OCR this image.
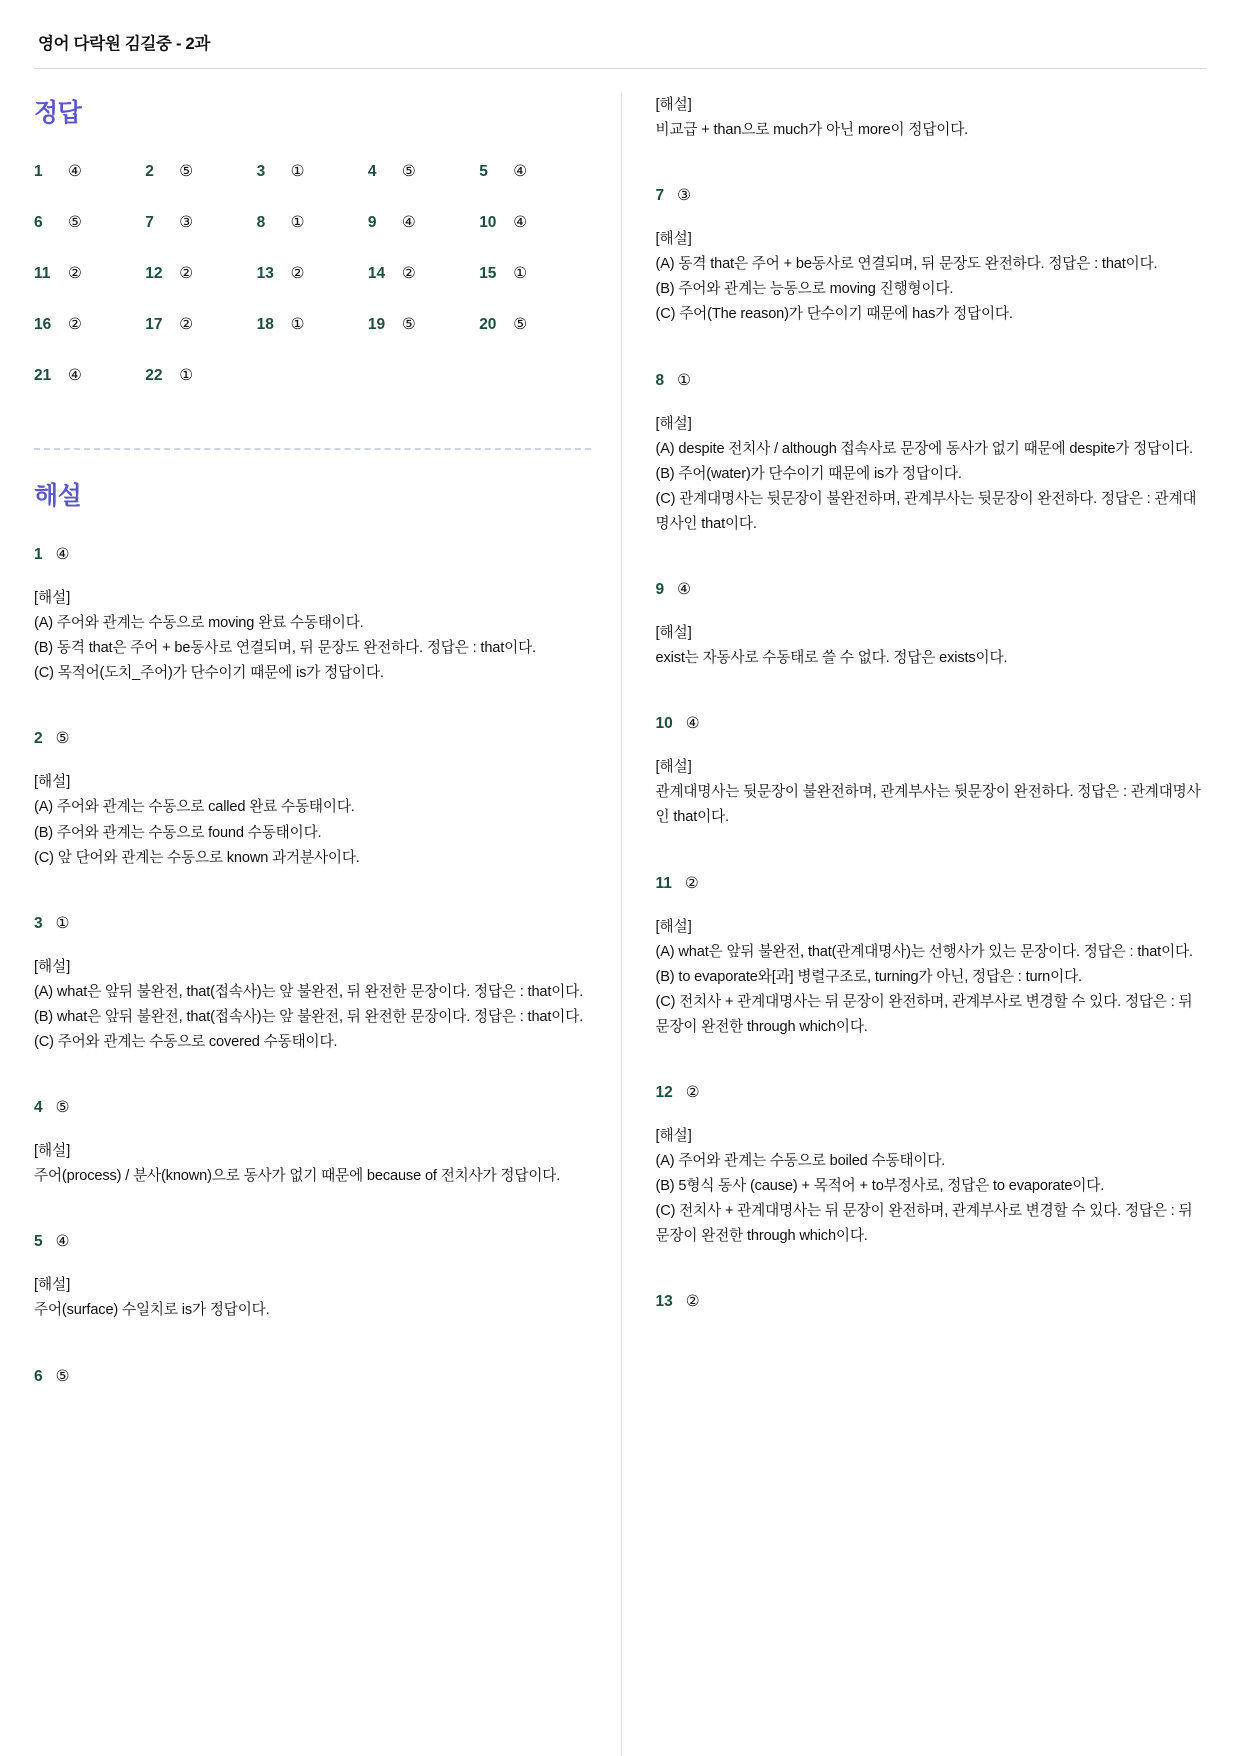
영어 다락원 김길중 - 2과
정답
1	④	2	⑤	3	①	4	⑤	5	④
6	⑤	7	③	8	①	9	④	10 ④
11 ②	12 ②	13 ②	14 ②	15 ①
16 ②	17 ②	18 ①	19 ⑤	20 ⑤
21 ④	22 ①
해설
1 ④
[해설]

(A) 주어와 관계는 수동으로 moving 완료 수동태이다.

(B) 동격 that은 주어 + be동사로 연결되며, 뒤 문장도 완전하다. 정답은 : that이다.

(C) 목적어(도치_주어)가 단수이기 때문에 is가 정답이다.

2 ⑤
[해설]

(A) 주어와 관계는 수동으로 called 완료 수동태이다.

(B) 주어와 관계는 수동으로 found 수동태이다.

(C) 앞 단어와 관계는 수동으로 known 과거분사이다.

3 ①
[해설]

(A) what은 앞뒤 불완전, that(접속사)는 앞 불완전, 뒤 완전한 문장이다. 정답은 : that이다.

(B) what은 앞뒤 불완전, that(접속사)는 앞 불완전, 뒤 완전한 문장이다. 정답은 : that이다.

(C) 주어와 관계는 수동으로 covered 수동태이다.

4 ⑤
[해설]

주어(process) / 분사(known)으로 동사가 없기 때문에 because of 전치사가 정답이다.

5 ④
[해설]

주어(surface) 수일치로 is가 정답이다.

6 ⑤
[해설]

비교급 + than으로 much가 아닌 more이 정답이다.

7 ③
[해설]

(A) 동격 that은 주어 + be동사로 연결되며, 뒤 문장도 완전하다. 정답은 : that이다.

(B) 주어와 관계는 능동으로 moving 진행형이다.

(C) 주어(The reason)가 단수이기 때문에 has가 정답이다.

8 ①
[해설]

(A) despite 전치사 / although 접속사로 문장에 동사가 없기 때문에 despite가 정답이다.

(B) 주어(water)가 단수이기 때문에 is가 정답이다.

(C) 관계대명사는 뒷문장이 불완전하며, 관계부사는 뒷문장이 완전하다. 정답은 : 관계대명사인 that이다.

9 ④
[해설]

exist는 자동사로 수동태로 쓸 수 없다. 정답은 exists이다.

10 ④
[해설]

관계대명사는 뒷문장이 불완전하며, 관계부사는 뒷문장이 완전하다. 정답은 : 관계대명사인 that이다.

11 ②
[해설]

(A) what은 앞뒤 불완전, that(관계대명사)는 선행사가 있는 문장이다. 정답은 : that이다.

(B) to evaporate와[과] 병렬구조로, turning가 아닌, 정답은 : turn이다.

(C) 전치사 + 관계대명사는 뒤 문장이 완전하며, 관계부사로 변경할 수 있다. 정답은 : 뒤 문장이 완전한 through which이다.

12 ②
[해설]

(A) 주어와 관계는 수동으로 boiled 수동태이다.

(B) 5형식 동사 (cause) + 목적어 + to부정사로, 정답은 to evaporate이다.

(C) 전치사 + 관계대명사는 뒤 문장이 완전하며, 관계부사로 변경할 수 있다. 정답은 : 뒤 문장이 완전한 through which이다.

13 ②
